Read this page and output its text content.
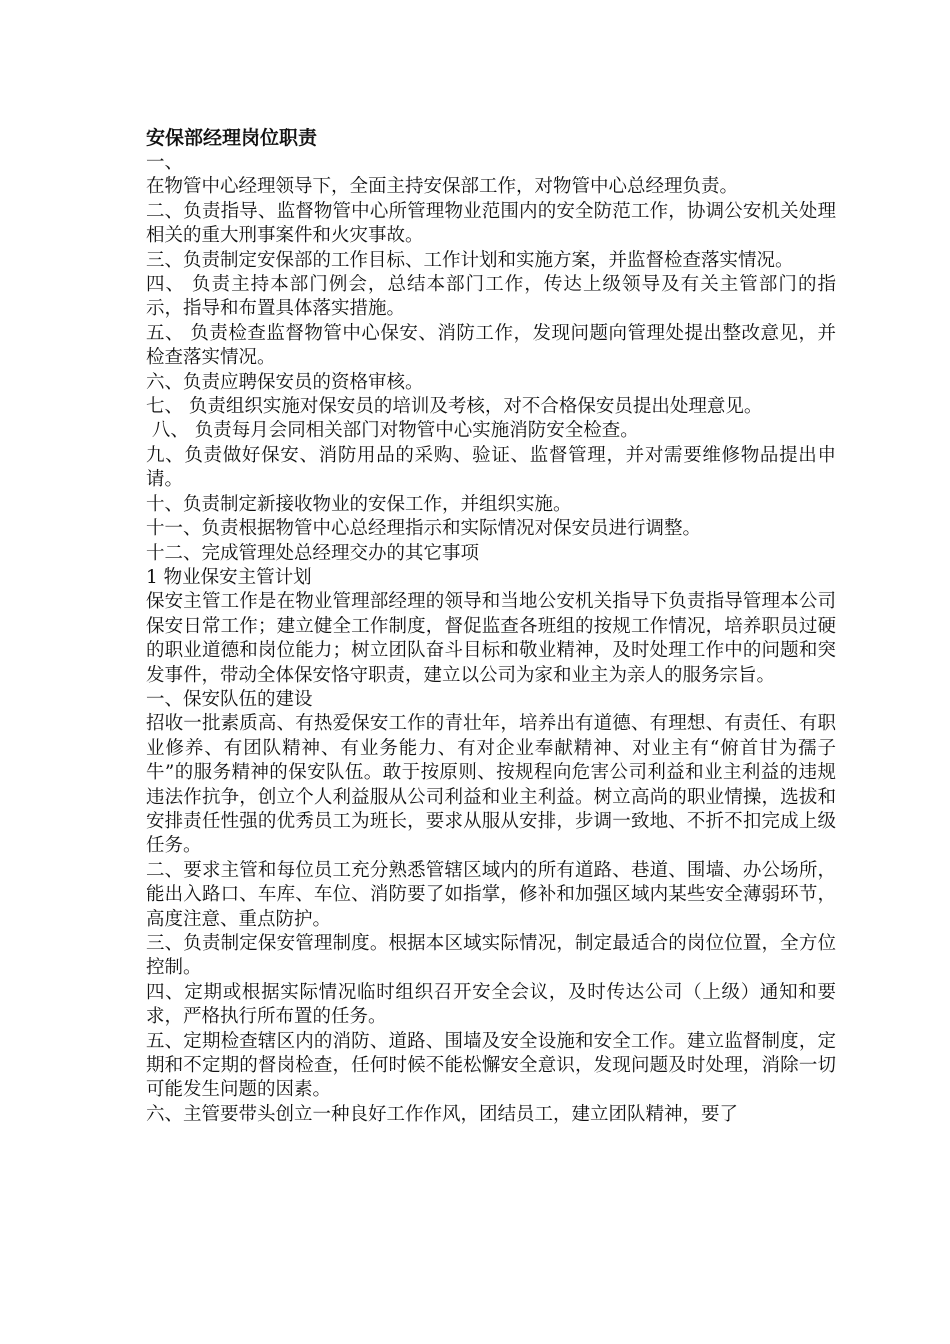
安保部经理岗位职责

一、

在物管中心经理领导下，全面主持安保部工作，对物管中心总经理负责。

二、负责指导、监督物管中心所管理物业范围内的安全防范工作，协调公安机关处理相关的重大刑事案件和火灾事故。

三、负责制定安保部的工作目标、工作计划和实施方案，并监督检查落实情况。

四、 负责主持本部门例会，总结本部门工作，传达上级领导及有关主管部门的指示，指导和布置具体落实措施。

五、 负责检查监督物管中心保安、消防工作，发现问题向管理处提出整改意见，并检查落实情况。

六、负责应聘保安员的资格审核。

七、 负责组织实施对保安员的培训及考核，对不合格保安员提出处理意见。

八、 负责每月会同相关部门对物管中心实施消防安全检查。

九、负责做好保安、消防用品的采购、验证、监督管理，并对需要维修物品提出申请。

十、负责制定新接收物业的安保工作，并组织实施。

十一、负责根据物管中心总经理指示和实际情况对保安员进行调整。

十二、完成管理处总经理交办的其它事项

1 物业保安主管计划

保安主管工作是在物业管理部经理的领导和当地公安机关指导下负责指导管理本公司保安日常工作；建立健全工作制度，督促监查各班组的按规工作情况，培养职员过硬的职业道德和岗位能力；树立团队奋斗目标和敬业精神，及时处理工作中的问题和突发事件，带动全体保安恪守职责，建立以公司为家和业主为亲人的服务宗旨。

一、保安队伍的建设

招收一批素质高、有热爱保安工作的青壮年，培养出有道德、有理想、有责任、有职业修养、有团队精神、有业务能力、有对企业奉献精神、对业主有“俯首甘为孺子牛”的服务精神的保安队伍。敢于按原则、按规程向危害公司利益和业主利益的违规违法作抗争，创立个人利益服从公司利益和业主利益。树立高尚的职业情操，选拔和安排责任性强的优秀员工为班长，要求从服从安排，步调一致地、不折不扣完成上级任务。

二、要求主管和每位员工充分熟悉管辖区域内的所有道路、巷道、围墙、办公场所，能出入路口、车库、车位、消防要了如指掌，修补和加强区域内某些安全薄弱环节，高度注意、重点防护。

三、负责制定保安管理制度。根据本区域实际情况，制定最适合的岗位位置，全方位控制。

四、定期或根据实际情况临时组织召开安全会议，及时传达公司（上级）通知和要求，严格执行所布置的任务。

五、定期检查辖区内的消防、道路、围墙及安全设施和安全工作。建立监督制度，定期和不定期的督岗检查，任何时候不能松懈安全意识，发现问题及时处理，消除一切可能发生问题的因素。

六、主管要带头创立一种良好工作作风，团结员工，建立团队精神，要了
